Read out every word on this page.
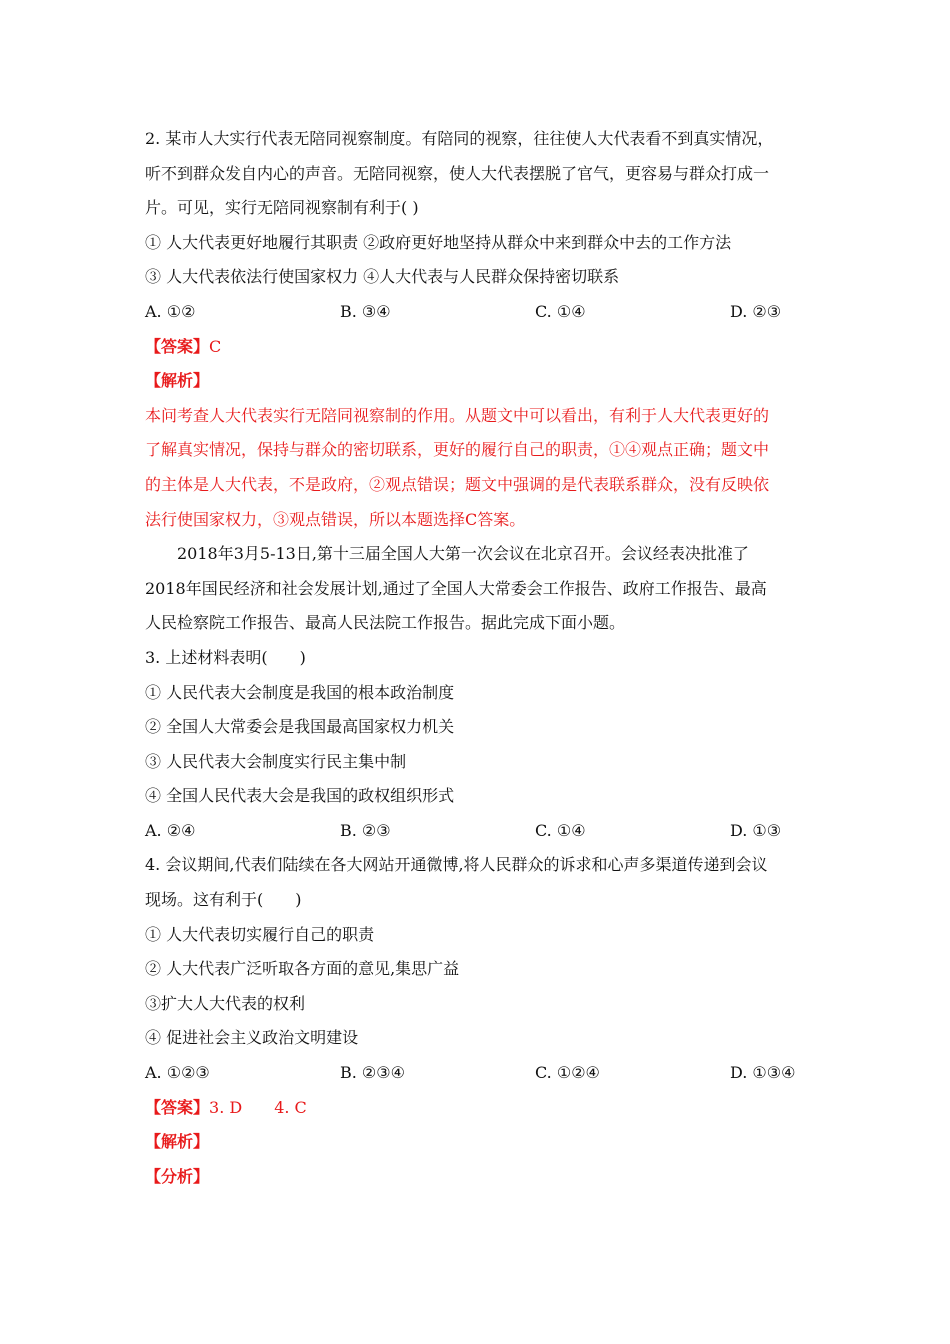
2. 某市人大实行代表无陪同视察制度。有陪同的视察，往往使人大代表看不到真实情况，
听不到群众发自内心的声音。无陪同视察，使人大代表摆脱了官气，更容易与群众打成一
片。可见，实行无陪同视察制有利于( )
① 人大代表更好地履行其职责 ②政府更好地坚持从群众中来到群众中去的工作方法
③ 人大代表依法行使国家权力 ④人大代表与人民群众保持密切联系
A. ①②	B. ③④	C. ①④	D. ②③
【答案】C
【解析】
本问考查人大代表实行无陪同视察制的作用。从题文中可以看出，有利于人大代表更好的
了解真实情况，保持与群众的密切联系，更好的履行自己的职责，①④观点正确；题文中
的主体是人大代表，不是政府，②观点错误；题文中强调的是代表联系群众，没有反映依
法行使国家权力，③观点错误，所以本题选择C答案。
2018年3月5-13日,第十三届全国人大第一次会议在北京召开。会议经表决批准了
2018年国民经济和社会发展计划,通过了全国人大常委会工作报告、政府工作报告、最高
人民检察院工作报告、最高人民法院工作报告。据此完成下面小题。
3. 上述材料表明(　　)
① 人民代表大会制度是我国的根本政治制度
② 全国人大常委会是我国最高国家权力机关
③ 人民代表大会制度实行民主集中制
④ 全国人民代表大会是我国的政权组织形式
A. ②④	B. ②③	C. ①④	D. ①③
4. 会议期间,代表们陆续在各大网站开通微博,将人民群众的诉求和心声多渠道传递到会议
现场。这有利于(　　)
① 人大代表切实履行自己的职责
② 人大代表广泛听取各方面的意见,集思广益
③扩大人大代表的权利
④ 促进社会主义政治文明建设
A. ①②③	B. ②③④	C. ①②④	D. ①③④
【答案】3. D　　4. C
【解析】
【分析】
